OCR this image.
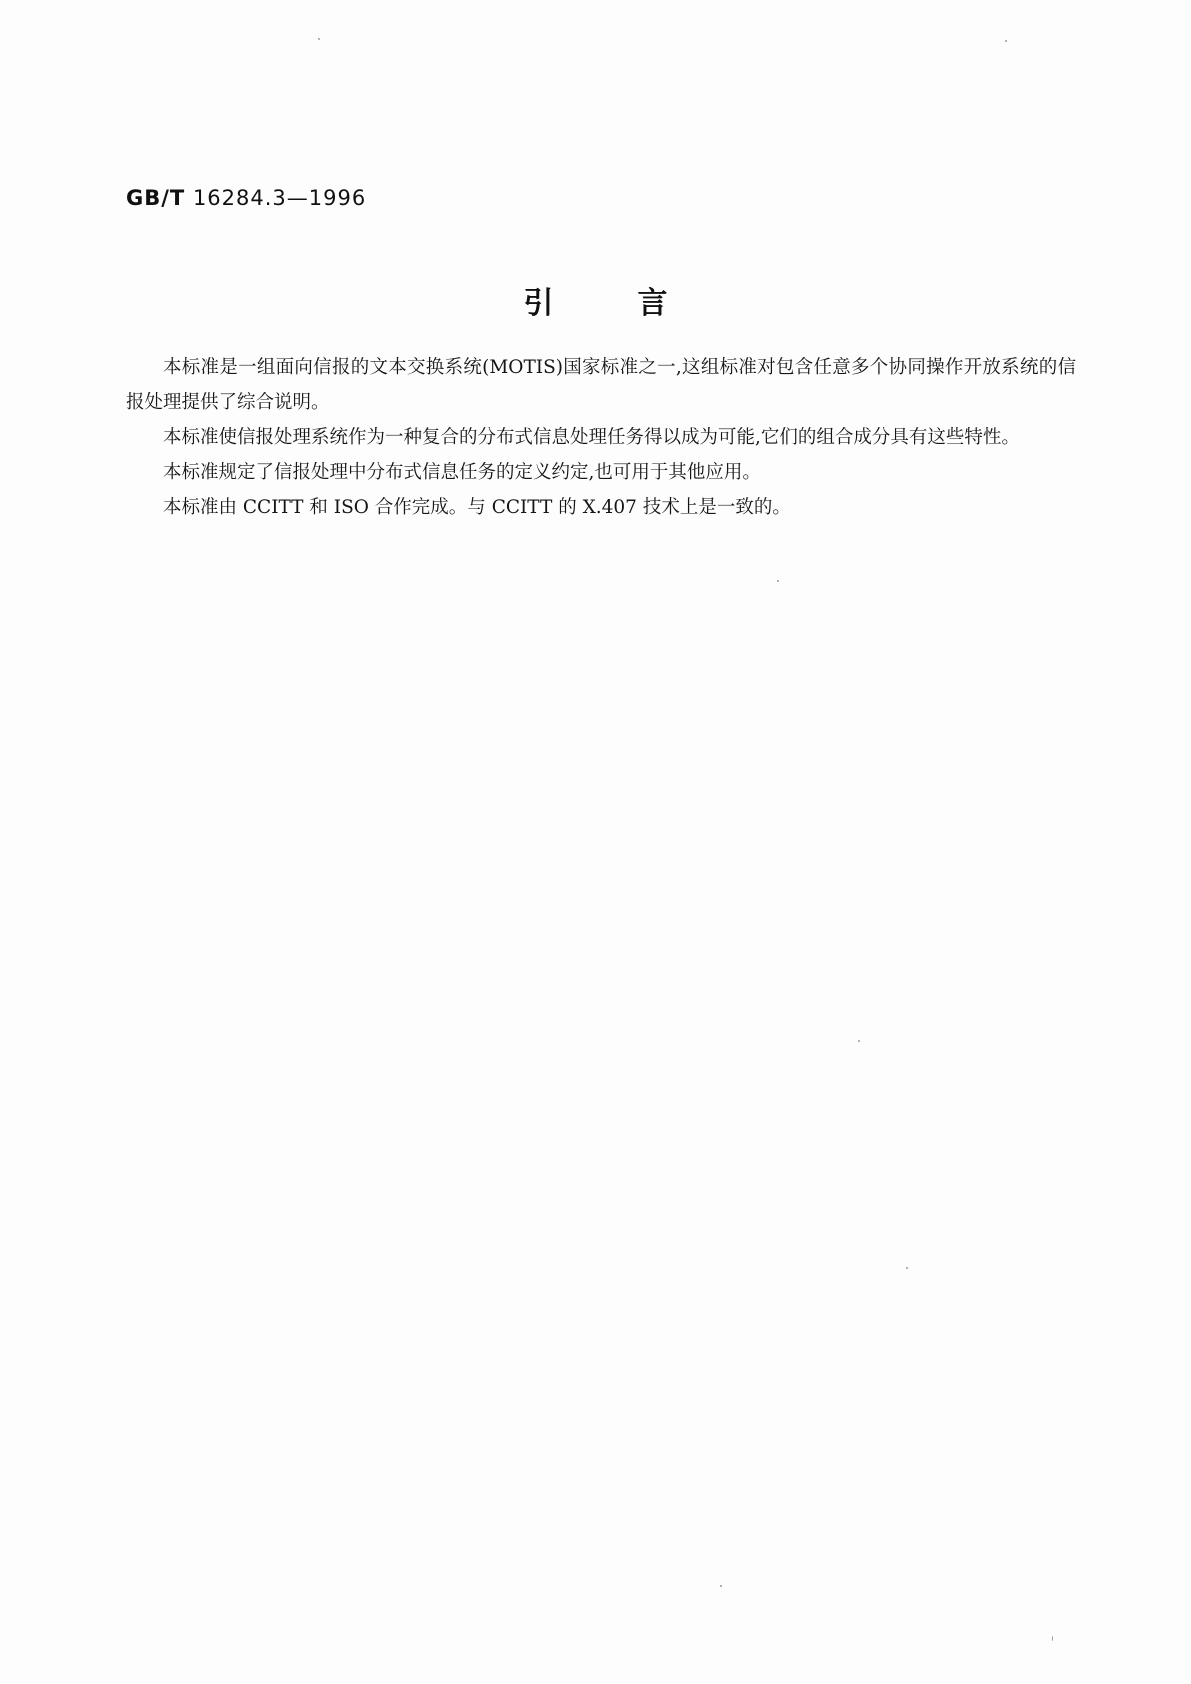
GB/T 16284.3—1996
引言

本标准是一组面向信报的文本交换系统(MOTIS)国家标准之一,这组标准对包含任意多个协同操作开放系统的信报处理提供了综合说明。

本标准使信报处理系统作为一种复合的分布式信息处理任务得以成为可能,它们的组合成分具有这些特性。

本标准规定了信报处理中分布式信息任务的定义约定,也可用于其他应用。

本标准由 CCITT 和 ISO 合作完成。与 CCITT 的 X.407 技术上是一致的。
